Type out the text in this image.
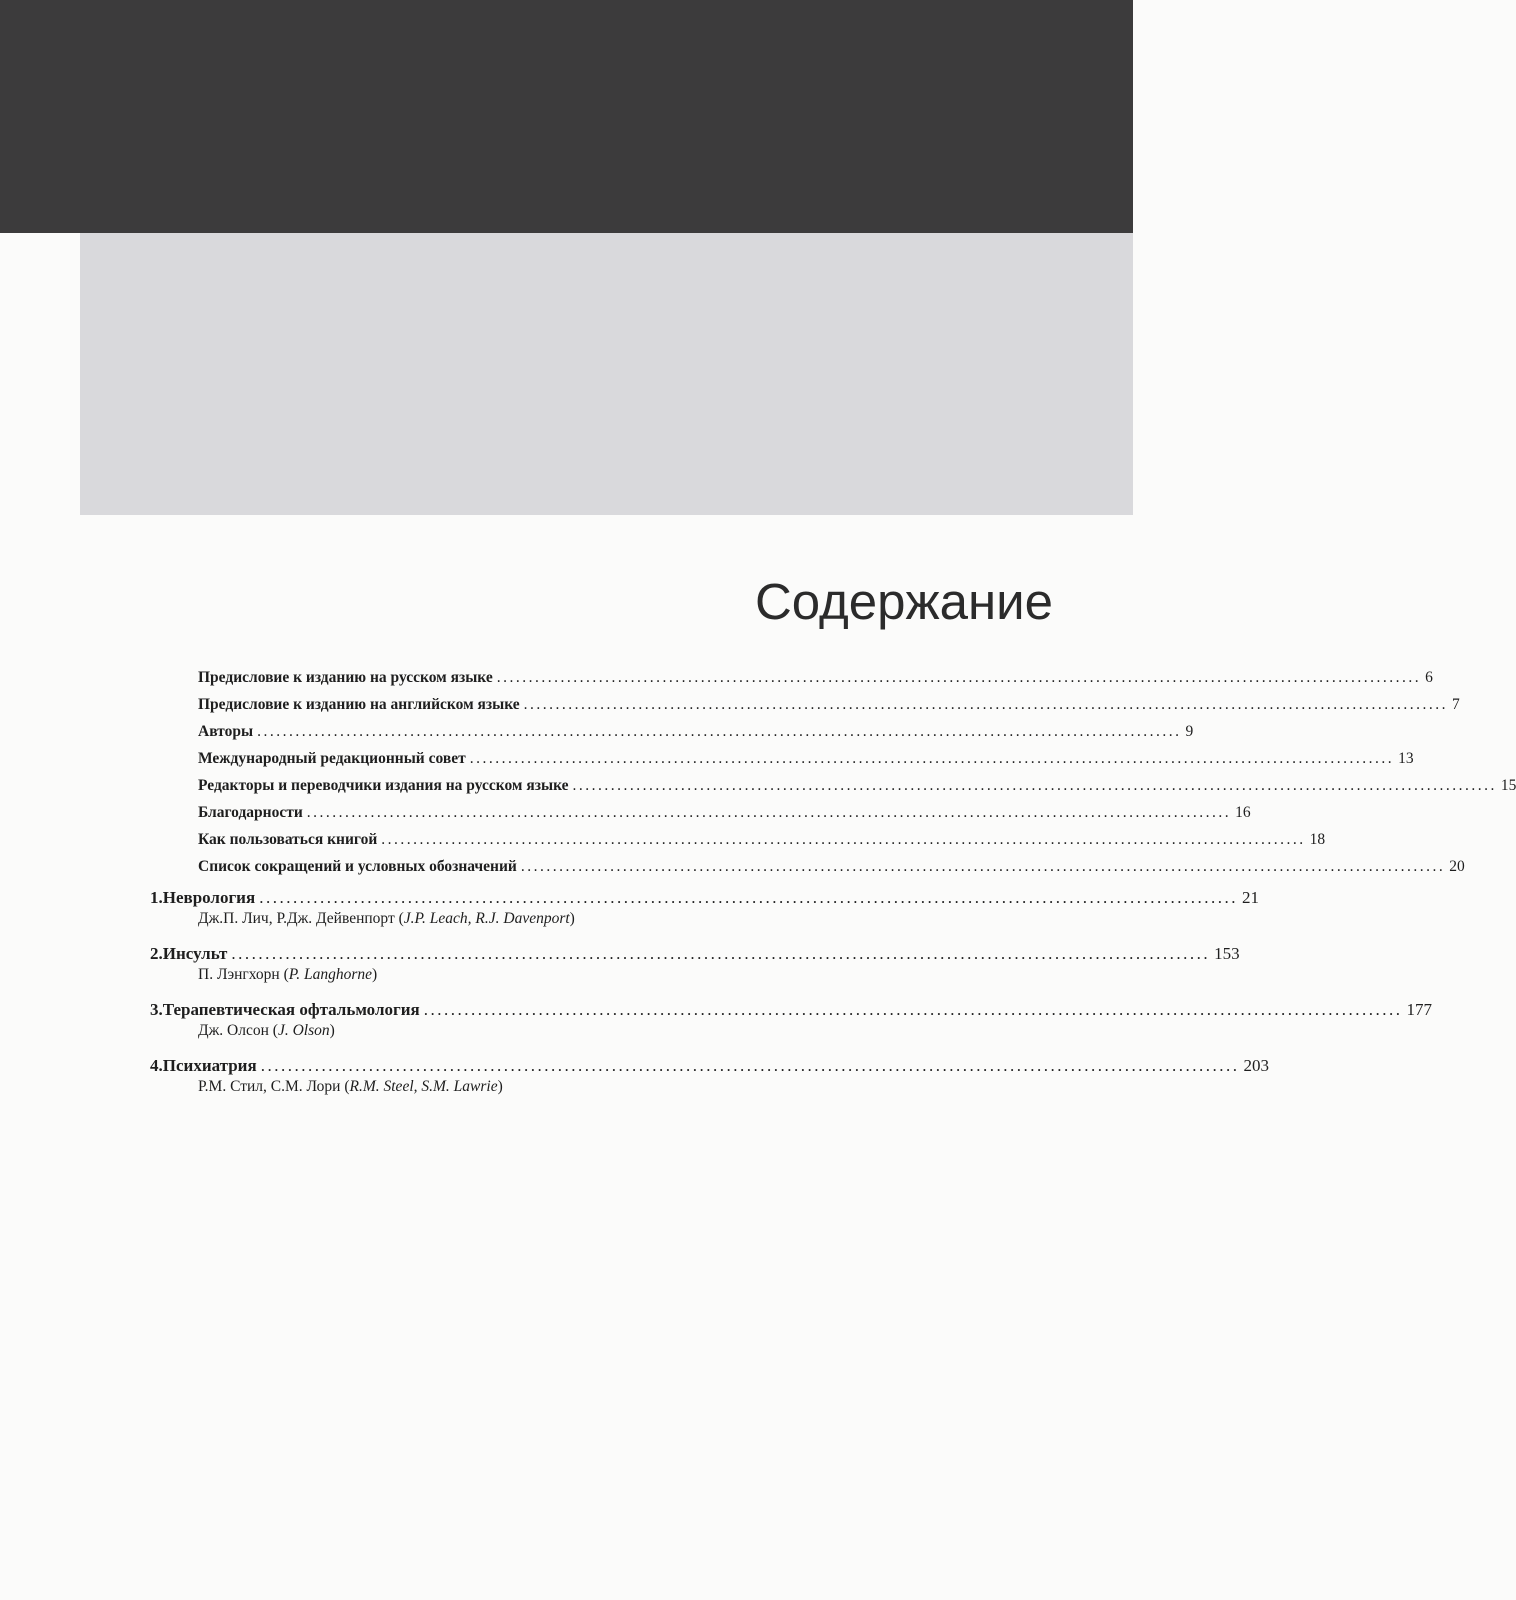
Содержание
Предисловие к изданию на русском языке ................................................................................................................................................. 6
Предисловие к изданию на английском языке ................................................................................................................................................. 7
Авторы ................................................................................................................................................. 9
Международный редакционный совет ................................................................................................................................................. 13
Редакторы и переводчики издания на русском языке ................................................................................................................................................. 15
Благодарности ................................................................................................................................................. 16
Как пользоваться книгой ................................................................................................................................................. 18
Список сокращений и условных обозначений ................................................................................................................................................. 20
1. Неврология ................................................................................................................................................. 21
Дж.П. Лич, Р.Дж. Дейвенпорт (J.P. Leach, R.J. Davenport)
2. Инсульт ................................................................................................................................................. 153
П. Лэнгхорн (P. Langhorne)
3. Терапевтическая офтальмология ................................................................................................................................................. 177
Дж. Олсон (J. Olson)
4. Психиатрия ................................................................................................................................................. 203
Р.М. Стил, С.М. Лори (R.M. Steel, S.M. Lawrie)
